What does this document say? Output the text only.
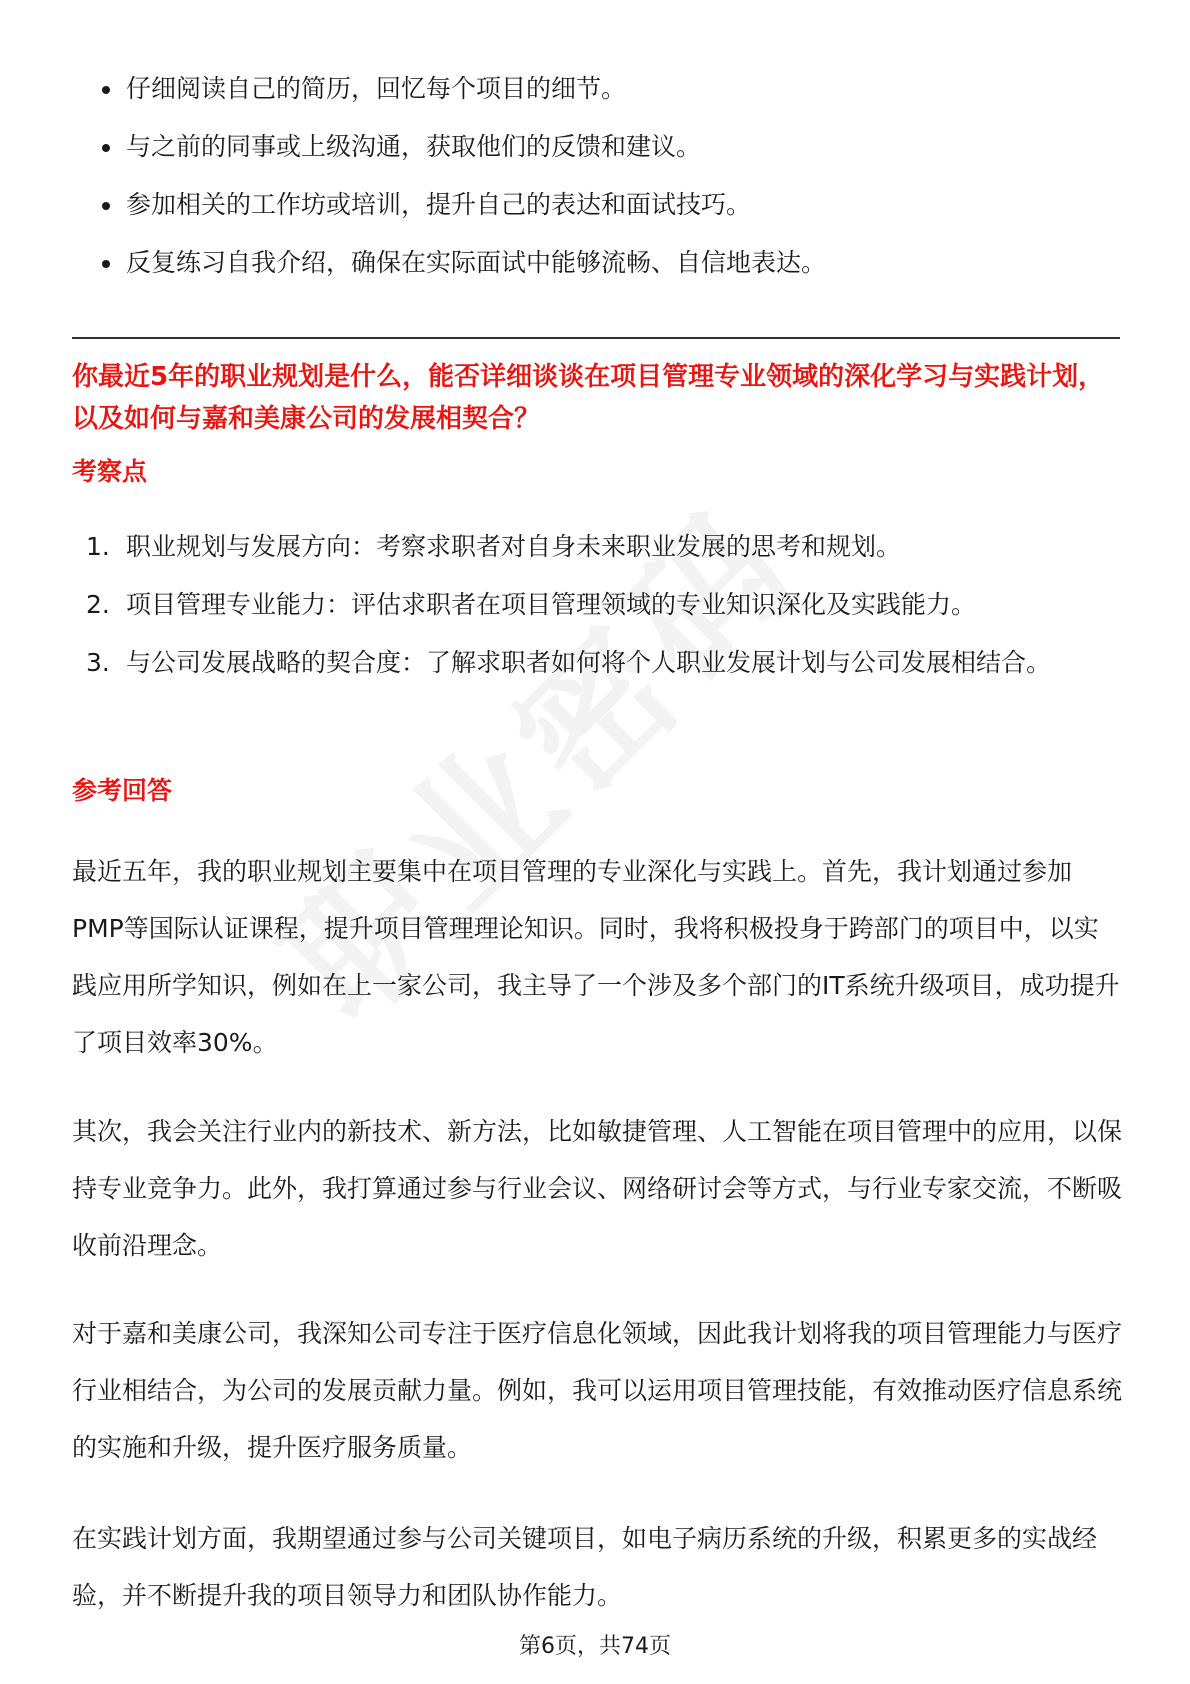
仔细阅读自己的简历，回忆每个项目的细节。
与之前的同事或上级沟通，获取他们的反馈和建议。
参加相关的工作坊或培训，提升自己的表达和面试技巧。
反复练习自我介绍，确保在实际面试中能够流畅、自信地表达。
你最近5年的职业规划是什么，能否详细谈谈在项目管理专业领域的深化学习与实践计划，以及如何与嘉和美康公司的发展相契合？
考察点
1. 职业规划与发展方向：考察求职者对自身未来职业发展的思考和规划。
2. 项目管理专业能力：评估求职者在项目管理领域的专业知识深化及实践能力。
3. 与公司发展战略的契合度：了解求职者如何将个人职业发展计划与公司发展相结合。
参考回答
最近五年，我的职业规划主要集中在项目管理的专业深化与实践上。首先，我计划通过参加PMP等国际认证课程，提升项目管理理论知识。同时，我将积极投身于跨部门的项目中，以实践应用所学知识，例如在上一家公司，我主导了一个涉及多个部门的IT系统升级项目，成功提升了项目效率30%。
其次，我会关注行业内的新技术、新方法，比如敏捷管理、人工智能在项目管理中的应用，以保持专业竞争力。此外，我打算通过参与行业会议、网络研讨会等方式，与行业专家交流，不断吸收前沿理念。
对于嘉和美康公司，我深知公司专注于医疗信息化领域，因此我计划将我的项目管理能力与医疗行业相结合，为公司的发展贡献力量。例如，我可以运用项目管理技能，有效推动医疗信息系统的实施和升级，提升医疗服务质量。
在实践计划方面，我期望通过参与公司关键项目，如电子病历系统的升级，积累更多的实战经验，并不断提升我的项目领导力和团队协作能力。
第6页，共74页
